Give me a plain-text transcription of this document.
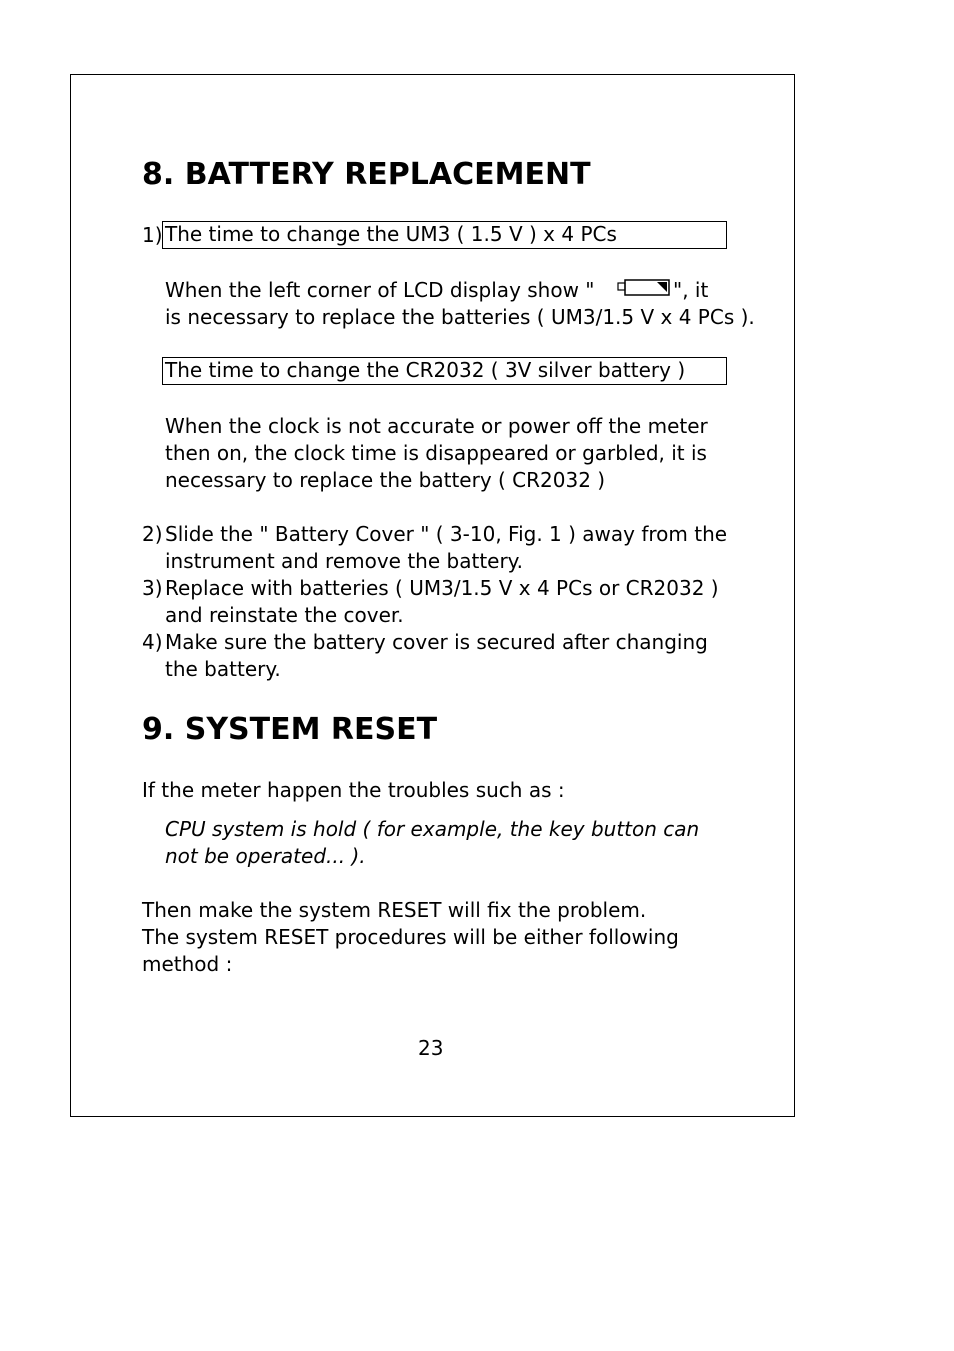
8. BATTERY REPLACEMENT
1) The time to change the UM3 ( 1.5 V ) x 4 PCs
When the left corner of LCD display show "	", it
is necessary to replace the batteries ( UM3/1.5 V x 4 PCs ).
The time to change the CR2032 ( 3V silver battery )
When the clock is not accurate or power off the meter
then on, the clock time is disappeared or garbled, it is
necessary to replace the battery ( CR2032 )
2) Slide the " Battery Cover " ( 3-10, Fig. 1 ) away from the
instrument and remove the battery.
3) Replace with batteries ( UM3/1.5 V x 4 PCs or CR2032 )
and reinstate the cover.
4) Make sure the battery cover is secured after changing
the battery.
9. SYSTEM RESET
If the meter happen the troubles such as :
CPU system is hold ( for example, the key button can
not be operated... ).
Then make the system RESET will fix the problem.
The system RESET procedures will be either following
method :
23
